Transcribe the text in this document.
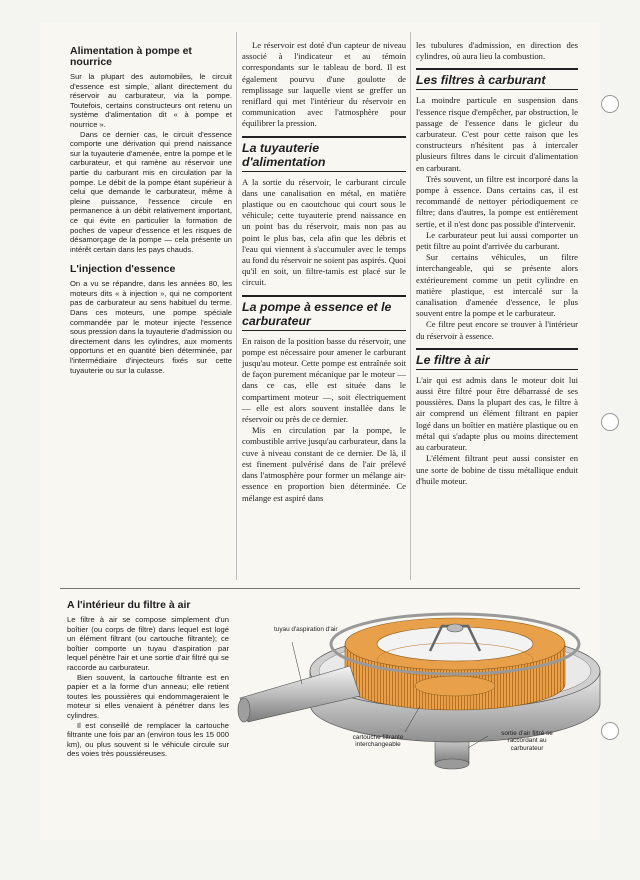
Alimentation à pompe et nourrice

Sur la plupart des automobiles, le circuit d'essence est simple, allant directement du réservoir au carburateur, via la pompe. Toutefois, certains constructeurs ont retenu un système d'alimentation dit « à pompe et nourrice ».

Dans ce dernier cas, le circuit d'essence comporte une dérivation qui prend naissance sur la tuyauterie d'amenée, entre la pompe et le carburateur, et qui ramène au réservoir une partie du carburant mis en circulation par la pompe. Le débit de la pompe étant supérieur à celui que demande le carburateur, même à pleine puissance, l'essence circule en permanence à un débit relativement important, ce qui évite en particulier la formation de poches de vapeur d'essence et les risques de désamorçage de la pompe — cela présente un intérêt certain dans les pays chauds.

L'injection d'essence

On a vu se répandre, dans les années 80, les moteurs dits « à injection », qui ne comportent pas de carburateur au sens habituel du terme. Dans ces moteurs, une pompe spéciale commandée par le moteur injecte l'essence sous pression dans la tuyauterie d'admission ou directement dans les cylindres, aux moments opportuns et en quantité bien déterminée, par l'intermédiaire d'injecteurs fixés sur cette tuyauterie ou sur la culasse.

Le réservoir est doté d'un capteur de niveau associé à l'indicateur et au témoin correspondants sur le tableau de bord. Il est également pourvu d'une goulotte de remplissage sur laquelle vient se greffer un reniflard qui met l'intérieur du réservoir en communication avec l'atmosphère pour équilibrer la pression.

La tuyauterie d'alimentation

A la sortie du réservoir, le carburant circule dans une canalisation en métal, en matière plastique ou en caoutchouc qui court sous le véhicule; cette tuyauterie prend naissance en un point bas du réservoir, mais non pas au point le plus bas, cela afin que les débris et l'eau qui viennent à s'accumuler avec le temps au fond du réservoir ne soient pas aspirés. Quoi qu'il en soit, un filtre-tamis est placé sur le circuit.

La pompe à essence et le carburateur

En raison de la position basse du réservoir, une pompe est nécessaire pour amener le carburant jusqu'au moteur. Cette pompe est entraînée soit de façon purement mécanique par le moteur — dans ce cas, elle est située dans le compartiment moteur —, soit électriquement — elle est alors souvent installée dans le réservoir ou près de ce dernier.

Mis en circulation par la pompe, le combustible arrive jusqu'au carburateur, dans la cuve à niveau constant de ce dernier. De là, il est finement pulvérisé dans de l'air prélevé dans l'atmosphère pour former un mélange air-essence en proportion bien déterminée. Ce mélange est aspiré dans

les tubulures d'admission, en direction des cylindres, où aura lieu la combustion.

Les filtres à carburant

La moindre particule en suspension dans l'essence risque d'empêcher, par obstruction, le passage de l'essence dans le gicleur du carburateur. C'est pour cette raison que les constructeurs n'hésitent pas à intercaler plusieurs filtres dans le circuit d'alimentation en carburant.

Très souvent, un filtre est incorporé dans la pompe à essence. Dans certains cas, il est recommandé de nettoyer périodiquement ce filtre; dans d'autres, la pompe est entièrement sertie, et il n'est donc pas possible d'intervenir.

Le carburateur peut lui aussi comporter un petit filtre au point d'arrivée du carburant.

Sur certains véhicules, un filtre interchangeable, qui se présente alors extérieurement comme un petit cylindre en matière plastique, est intercalé sur la canalisation d'amenée d'essence, le plus souvent entre la pompe et le carburateur.

Ce filtre peut encore se trouver à l'intérieur du réservoir à essence.

Le filtre à air

L'air qui est admis dans le moteur doit lui aussi être filtré pour être débarrassé de ses poussières. Dans la plupart des cas, le filtre à air comprend un élément filtrant en papier logé dans un boîtier en matière plastique ou en métal qui s'adapte plus ou moins directement au carburateur.

L'élément filtrant peut aussi consister en une sorte de bobine de tissu métallique enduit d'huile moteur.

A l'intérieur du filtre à air

Le filtre à air se compose simplement d'un boîtier (ou corps de filtre) dans lequel est logé un élément filtrant (ou cartouche filtrante); ce boîtier comporte un tuyau d'aspiration par lequel pénètre l'air et une sortie d'air filtré qui se raccorde au carburateur.

Bien souvent, la cartouche filtrante est en papier et a la forme d'un anneau; elle retient toutes les poussières qui endommageraient le moteur si elles venaient à pénétrer dans les cylindres.

Il est conseillé de remplacer la cartouche filtrante une fois par an (environ tous les 15 000 km), ou plus souvent si le véhicule circule sur des voies très poussiéreuses.

tuyau d'aspiration d'air
cartouche filtrante interchangeable
sortie d'air filtré se raccordant au carburateur
